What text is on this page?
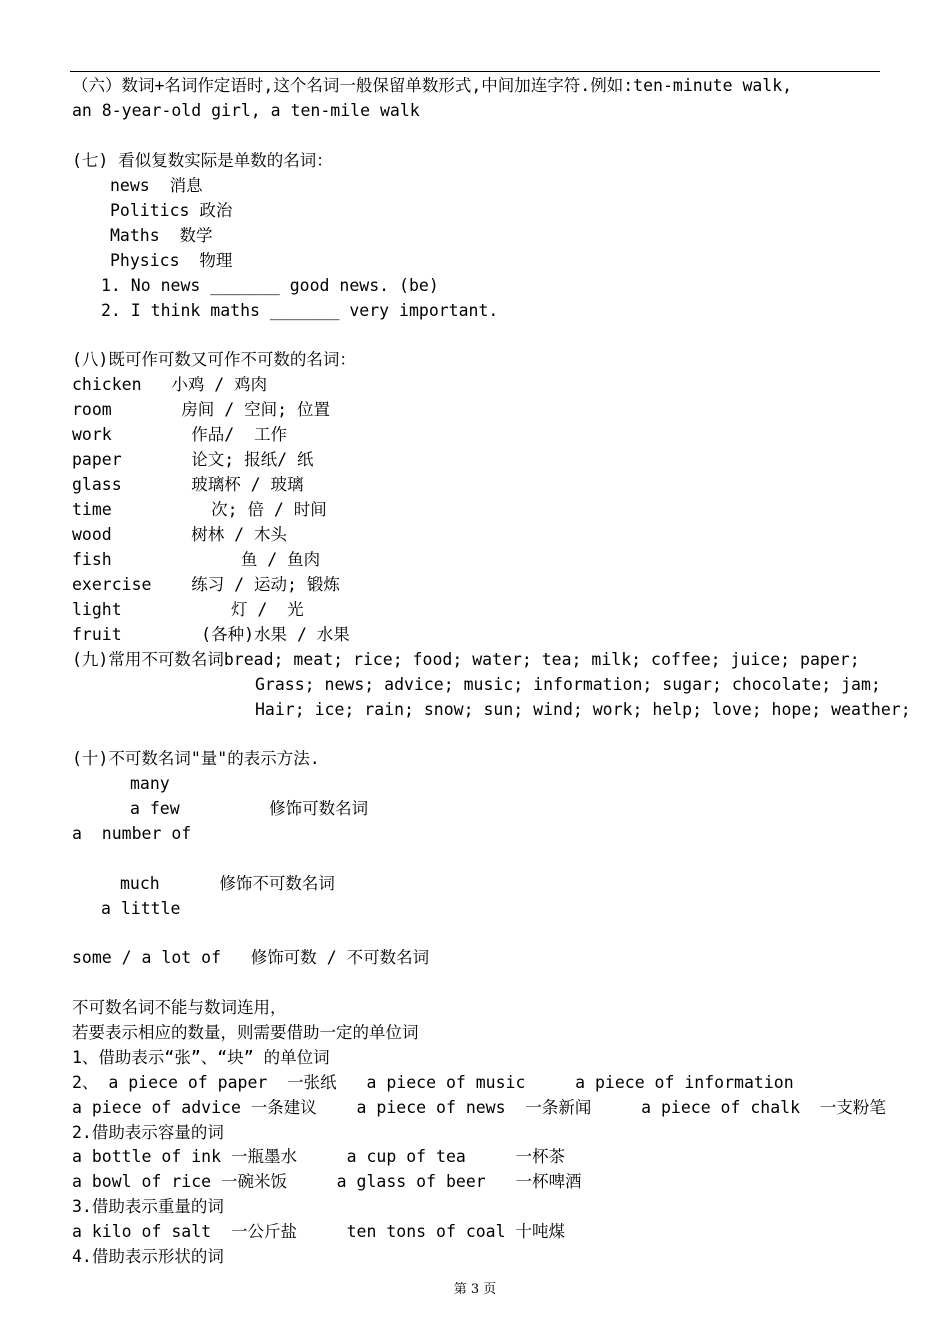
（六）数词+名词作定语时,这个名词一般保留单数形式,中间加连字符.例如:ten-minute walk,
an 8-year-old girl, a ten-mile walk
(七) 看似复数实际是单数的名词：
news  消息
Politics 政治
Maths  数学
Physics  物理
1. No news _______ good news. (be)
2. I think maths _______ very important.
(八)既可作可数又可作不可数的名词：
chicken   小鸡 / 鸡肉
room       房间 / 空间; 位置
work        作品/  工作
paper       论文; 报纸/ 纸
glass       玻璃杯 / 玻璃
time          次; 倍 / 时间
wood        树林 / 木头
fish             鱼 / 鱼肉
exercise    练习 / 运动; 锻炼
light           灯 /  光
fruit        (各种)水果 / 水果
(九)常用不可数名词bread; meat; rice; food; water; tea; milk; coffee; juice; paper;
Grass; news; advice; music; information; sugar; chocolate; jam;
Hair; ice; rain; snow; sun; wind; work; help; love; hope; weather;
(十)不可数名词"量"的表示方法.
many
a few         修饰可数名词
a  number of
much      修饰不可数名词
a little
some / a lot of   修饰可数 / 不可数名词
不可数名词不能与数词连用，
若要表示相应的数量，则需要借助一定的单位词
1、借助表示“张”、“块” 的单位词
2、 a piece of paper  一张纸   a piece of music     a piece of information
a piece of advice 一条建议    a piece of news  一条新闻     a piece of chalk  一支粉笔
2.借助表示容量的词
a bottle of ink 一瓶墨水     a cup of tea     一杯茶
a bowl of rice 一碗米饭     a glass of beer   一杯啤酒
3.借助表示重量的词
a kilo of salt  一公斤盐     ten tons of coal 十吨煤
4.借助表示形状的词
第 3 页
